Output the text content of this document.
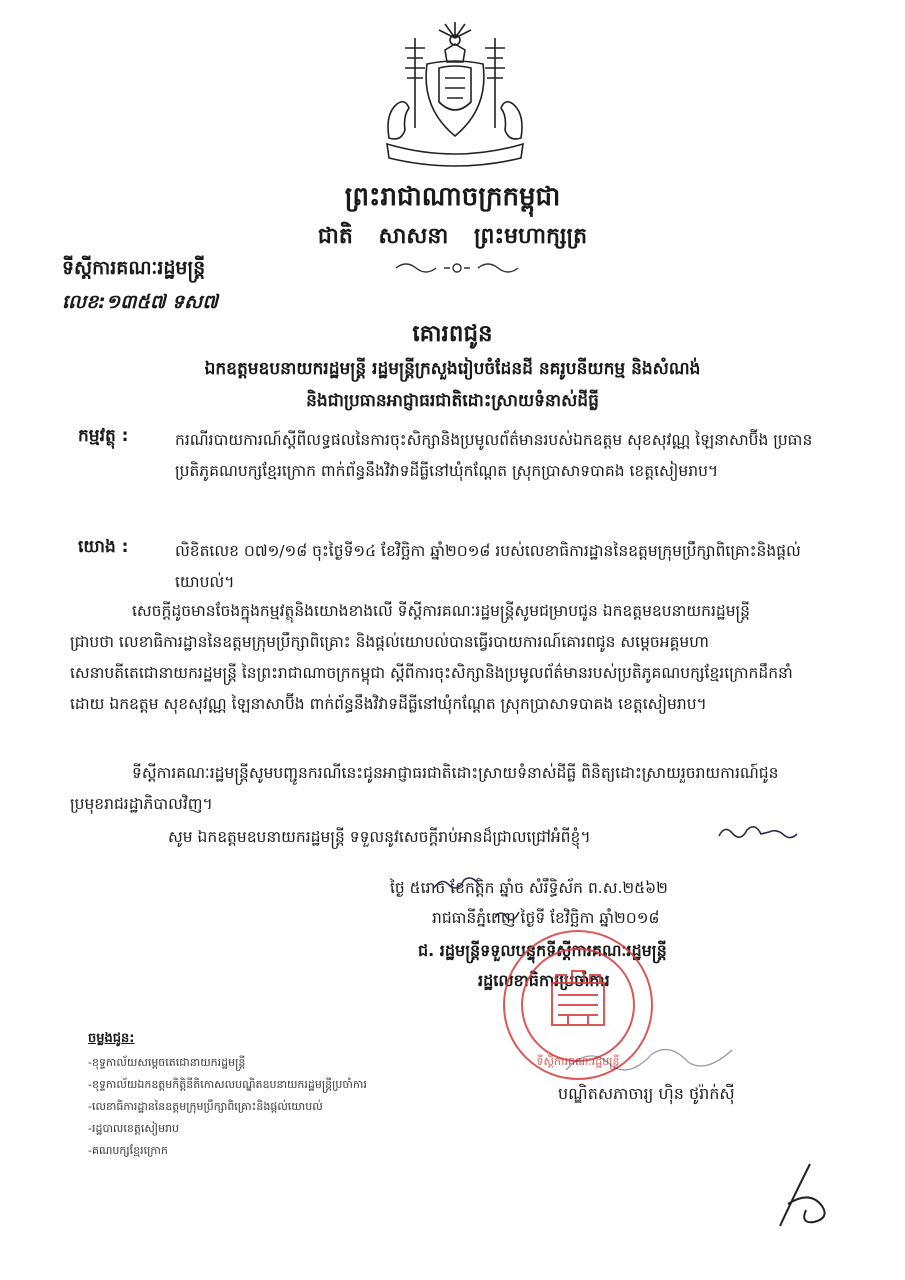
ព្រះរាជាណាចក្រកម្ពុជា
ជាតិ សាសនា ព្រះមហាក្សត្រ
ទីស្ដីការគណៈរដ្ឋមន្ត្រី
លេខ:១៣៥៧ ទស៧
គោរពជូន
ឯកឧត្ដមឧបនាយករដ្ឋមន្ត្រី រដ្ឋមន្ត្រីក្រសួងរៀបចំដែនដី នគរូបនីយកម្ម និងសំណង់
និងជាប្រធានអាជ្ញាធរជាតិដោះស្រាយទំនាស់ដីធ្លី
កម្មវត្ថុ :	ករណីរបាយការណ៍ស្ដីពីលទ្ធផលនៃការចុះសិក្សានិងប្រមូលព័ត៌មានរបស់ឯកឧត្ដម សុខសុវណ្ណ ឡៃនាសាប៊ីង ប្រធានប្រតិភូគណបក្សខ្មែរក្រោក ពាក់ព័ន្ធនឹងវិវាទដីធ្លីនៅឃុំកណ្ដែត ស្រុកប្រាសាទបាគង ខេត្តសៀមរាប។
យោង :	លិខិតលេខ ០៧១/១៨ ចុះថ្ងៃទី១៤ ខែវិច្ឆិកា ឆ្នាំ២០១៨ របស់លេខាធិការដ្ឋាននៃឧត្ដមក្រុមប្រឹក្សាពិគ្រោះនិងផ្ដល់យោបល់។
សេចក្ដីដូចមានចែងក្នុងកម្មវត្ថុនិងយោងខាងលើ ទីស្ដីការគណៈរដ្ឋមន្ត្រីសូមជម្រាបជូន ឯកឧត្ដមឧបនាយករដ្ឋមន្ត្រី ជ្រាបថា លេខាធិការដ្ឋាននៃឧត្ដមក្រុមប្រឹក្សាពិគ្រោះ និងផ្ដល់យោបល់បានធ្វើរបាយការណ៍គោរពជូន សម្ដេចអគ្គមហាសេនាបតីតេជោនាយករដ្ឋមន្ត្រី នៃព្រះរាជាណាចក្រកម្ពុជា ស្ដីពីការចុះសិក្សានិងប្រមូលព័ត៌មានរបស់ប្រតិភូគណបក្សខ្មែរក្រោកដឹកនាំដោយ ឯកឧត្ដម សុខសុវណ្ណ ឡៃនាសាប៊ីង ពាក់ព័ន្ធនឹងវិវាទដីធ្លីនៅឃុំកណ្ដែត ស្រុកប្រាសាទបាគង ខេត្តសៀមរាប។
ទីស្ដីការគណៈរដ្ឋមន្ត្រីសូមបញ្ជូនករណីនេះជូនអាជ្ញាធរជាតិដោះស្រាយទំនាស់ដីធ្លី ពិនិត្យដោះស្រាយរួចរាយការណ៍ជូនប្រមុខរាជរដ្ឋាភិបាលវិញ។
សូម ឯកឧត្ដមឧបនាយករដ្ឋមន្ត្រី ទទួលនូវសេចក្ដីរាប់អានដ៏ជ្រាលជ្រៅអំពីខ្ញុំ។
ថ្ងៃ ៥រោច ខែកត្ដិក ឆ្នាំច សំរឹទ្ធិស័ក ព.ស.២៥៦២
រាជធានីភ្នំពេញ ថ្ងៃទី ខែវិច្ឆិកា ឆ្នាំ២០១៨
ជ. រដ្ឋមន្ត្រីទទួលបន្ទុកទីស្ដីការគណៈរដ្ឋមន្ត្រី
រដ្ឋលេខាធិការប្រចាំការ
ទីស្ដីការគណៈរដ្ឋមន្ត្រី
បណ្ឌិតសភាចារ្យ ហ៊ិន ថូរ៉ាក់ស៊ី
ចម្លងជូន:
-ខុទ្ទកាល័យសម្ដេចតេជោនាយករដ្ឋមន្ត្រី
-ខុទ្ទកាល័យឯកឧត្ដមកិត្តិនីតិកោសលបណ្ឌិតឧបនាយករដ្ឋមន្ត្រីប្រចាំការ
-លេខាធិការដ្ឋាននៃឧត្ដមក្រុមប្រឹក្សាពិគ្រោះនិងផ្ដល់យោបល់
-រដ្ឋបាលខេត្តសៀមរាប
-គណបក្សខ្មែរក្រោក
